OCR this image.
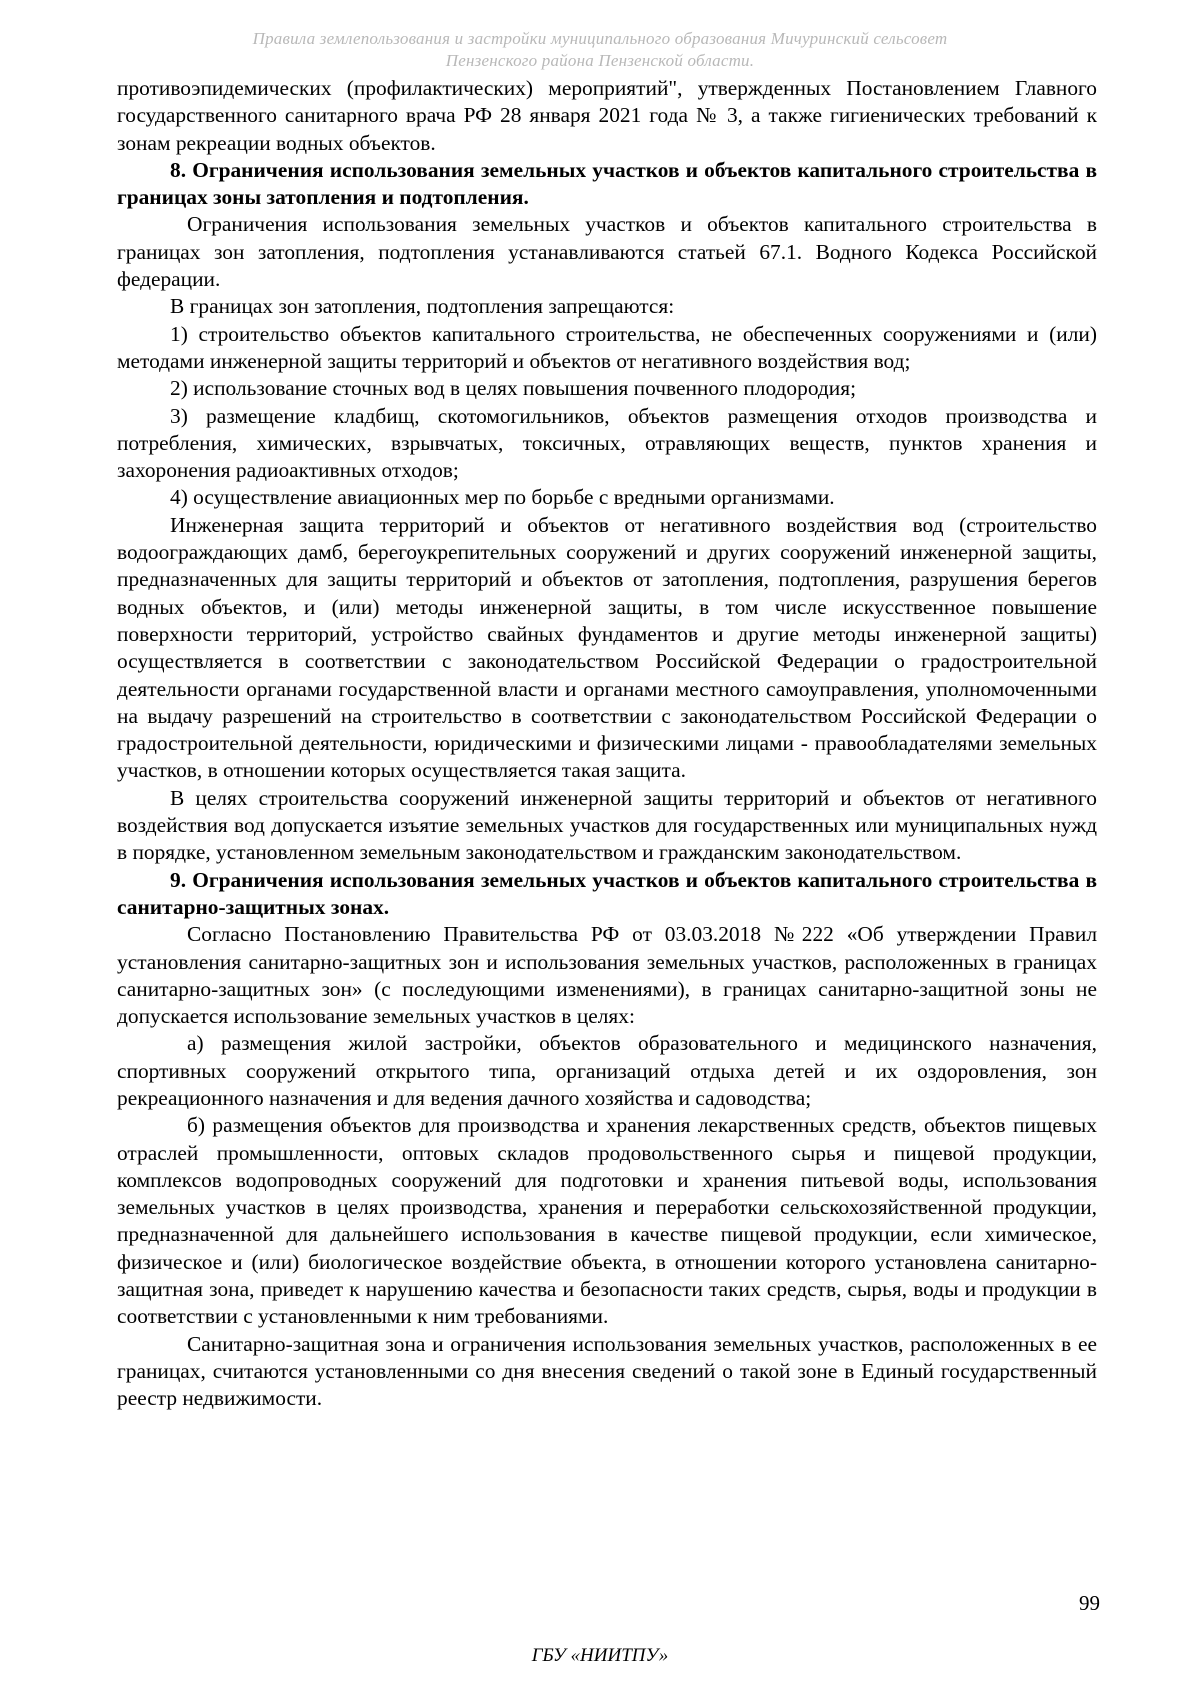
Правила землепользования и застройки муниципального образования Мичуринский сельсовет
Пензенского района Пензенской области.

противоэпидемических (профилактических) мероприятий", утвержденных Постановлением Главного государственного санитарного врача РФ 28 января 2021 года № 3, а также гигиенических требований к зонам рекреации водных объектов.

8. Ограничения использования земельных участков и объектов капитального строительства в границах зоны затопления и подтопления.

Ограничения использования земельных участков и объектов капитального строительства в границах зон затопления, подтопления устанавливаются статьей 67.1. Водного Кодекса Российской федерации.

В границах зон затопления, подтопления запрещаются:

1) строительство объектов капитального строительства, не обеспеченных сооружениями и (или) методами инженерной защиты территорий и объектов от негативного воздействия вод;

2) использование сточных вод в целях повышения почвенного плодородия;

3) размещение кладбищ, скотомогильников, объектов размещения отходов производства и потребления, химических, взрывчатых, токсичных, отравляющих веществ, пунктов хранения и захоронения радиоактивных отходов;

4) осуществление авиационных мер по борьбе с вредными организмами.

Инженерная защита территорий и объектов от негативного воздействия вод (строительство водоограждающих дамб, берегоукрепительных сооружений и других сооружений инженерной защиты, предназначенных для защиты территорий и объектов от затопления, подтопления, разрушения берегов водных объектов, и (или) методы инженерной защиты, в том числе искусственное повышение поверхности территорий, устройство свайных фундаментов и другие методы инженерной защиты) осуществляется в соответствии с законодательством Российской Федерации о градостроительной деятельности органами государственной власти и органами местного самоуправления, уполномоченными на выдачу разрешений на строительство в соответствии с законодательством Российской Федерации о градостроительной деятельности, юридическими и физическими лицами - правообладателями земельных участков, в отношении которых осуществляется такая защита.

В целях строительства сооружений инженерной защиты территорий и объектов от негативного воздействия вод допускается изъятие земельных участков для государственных или муниципальных нужд в порядке, установленном земельным законодательством и гражданским законодательством.

9. Ограничения использования земельных участков и объектов капитального строительства в санитарно-защитных зонах.

Согласно Постановлению Правительства РФ от 03.03.2018 №222 «Об утверждении Правил установления санитарно-защитных зон и использования земельных участков, расположенных в границах санитарно-защитных зон» (с последующими изменениями), в границах санитарно-защитной зоны не допускается использование земельных участков в целях:

а) размещения жилой застройки, объектов образовательного и медицинского назначения, спортивных сооружений открытого типа, организаций отдыха детей и их оздоровления, зон рекреационного назначения и для ведения дачного хозяйства и садоводства;

б) размещения объектов для производства и хранения лекарственных средств, объектов пищевых отраслей промышленности, оптовых складов продовольственного сырья и пищевой продукции, комплексов водопроводных сооружений для подготовки и хранения питьевой воды, использования земельных участков в целях производства, хранения и переработки сельскохозяйственной продукции, предназначенной для дальнейшего использования в качестве пищевой продукции, если химическое, физическое и (или) биологическое воздействие объекта, в отношении которого установлена санитарно-защитная зона, приведет к нарушению качества и безопасности таких средств, сырья, воды и продукции в соответствии с установленными к ним требованиями.

Санитарно-защитная зона и ограничения использования земельных участков, расположенных в ее границах, считаются установленными со дня внесения сведений о такой зоне в Единый государственный реестр недвижимости.

99
ГБУ «НИИТПУ»
